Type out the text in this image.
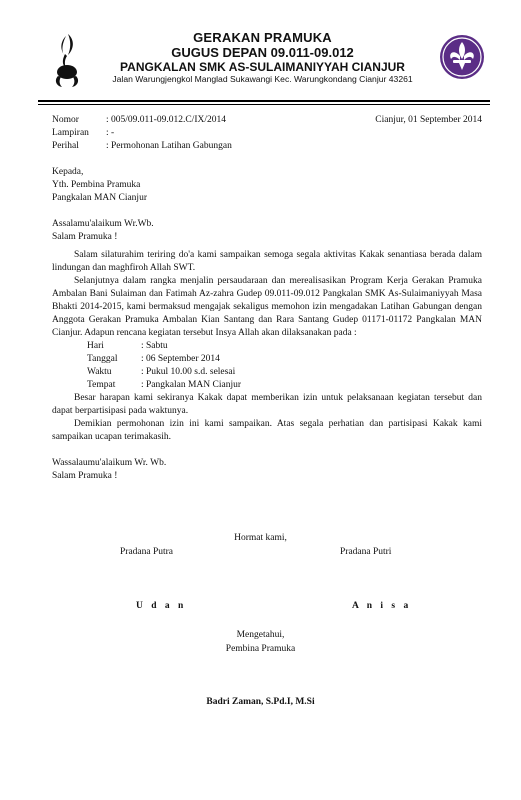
GERAKAN PRAMUKA
GUGUS DEPAN 09.011-09.012
PANGKALAN SMK AS-SULAIMANIYYAH CIANJUR
Jalan Warungjengkol Manglad Sukawangi Kec. Warungkondang Cianjur 43261
Cianjur, 01 September 2014
Nomor	: 005/09.011-09.012.C/IX/2014
Lampiran	: -
Perihal	: Permohonan Latihan Gabungan
Kepada,
Yth. Pembina Pramuka
Pangkalan MAN Cianjur
Assalamu'alaikum Wr.Wb.
Salam Pramuka !

Salam silaturahim teriring do'a kami sampaikan semoga segala aktivitas Kakak senantiasa berada dalam lindungan dan maghfiroh Allah SWT.

Selanjutnya dalam rangka menjalin persaudaraan dan merealisasikan Program Kerja Gerakan Pramuka Ambalan Bani Sulaiman dan Fatimah Az-zahra Gudep 09.011-09.012 Pangkalan SMK As-Sulaimaniyyah Masa Bhakti 2014-2015, kami bermaksud mengajak sekaligus memohon izin mengadakan Latihan Gabungan dengan Anggota Gerakan Pramuka Ambalan Kian Santang dan Rara Santang Gudep 01171-01172 Pangkalan MAN Cianjur. Adapun rencana kegiatan tersebut Insya Allah akan dilaksanakan pada :

Hari	: Sabtu
Tanggal	: 06 September 2014
Waktu	: Pukul 10.00 s.d. selesai
Tempat	: Pangkalan MAN Cianjur

Besar harapan kami sekiranya Kakak dapat memberikan izin untuk pelaksanaan kegiatan tersebut dan dapat berpartisipasi pada waktunya.

Demikian permohonan izin ini kami sampaikan. Atas segala perhatian dan partisipasi Kakak kami sampaikan ucapan terimakasih.

Wassalaumu'alaikum Wr. Wb.
Salam Pramuka !
Hormat kami,
Pradana Putra	Pradana Putri
U d a n	A n i s a
Mengetahui,
Pembina Pramuka
Badri Zaman, S.Pd.I, M.Si
